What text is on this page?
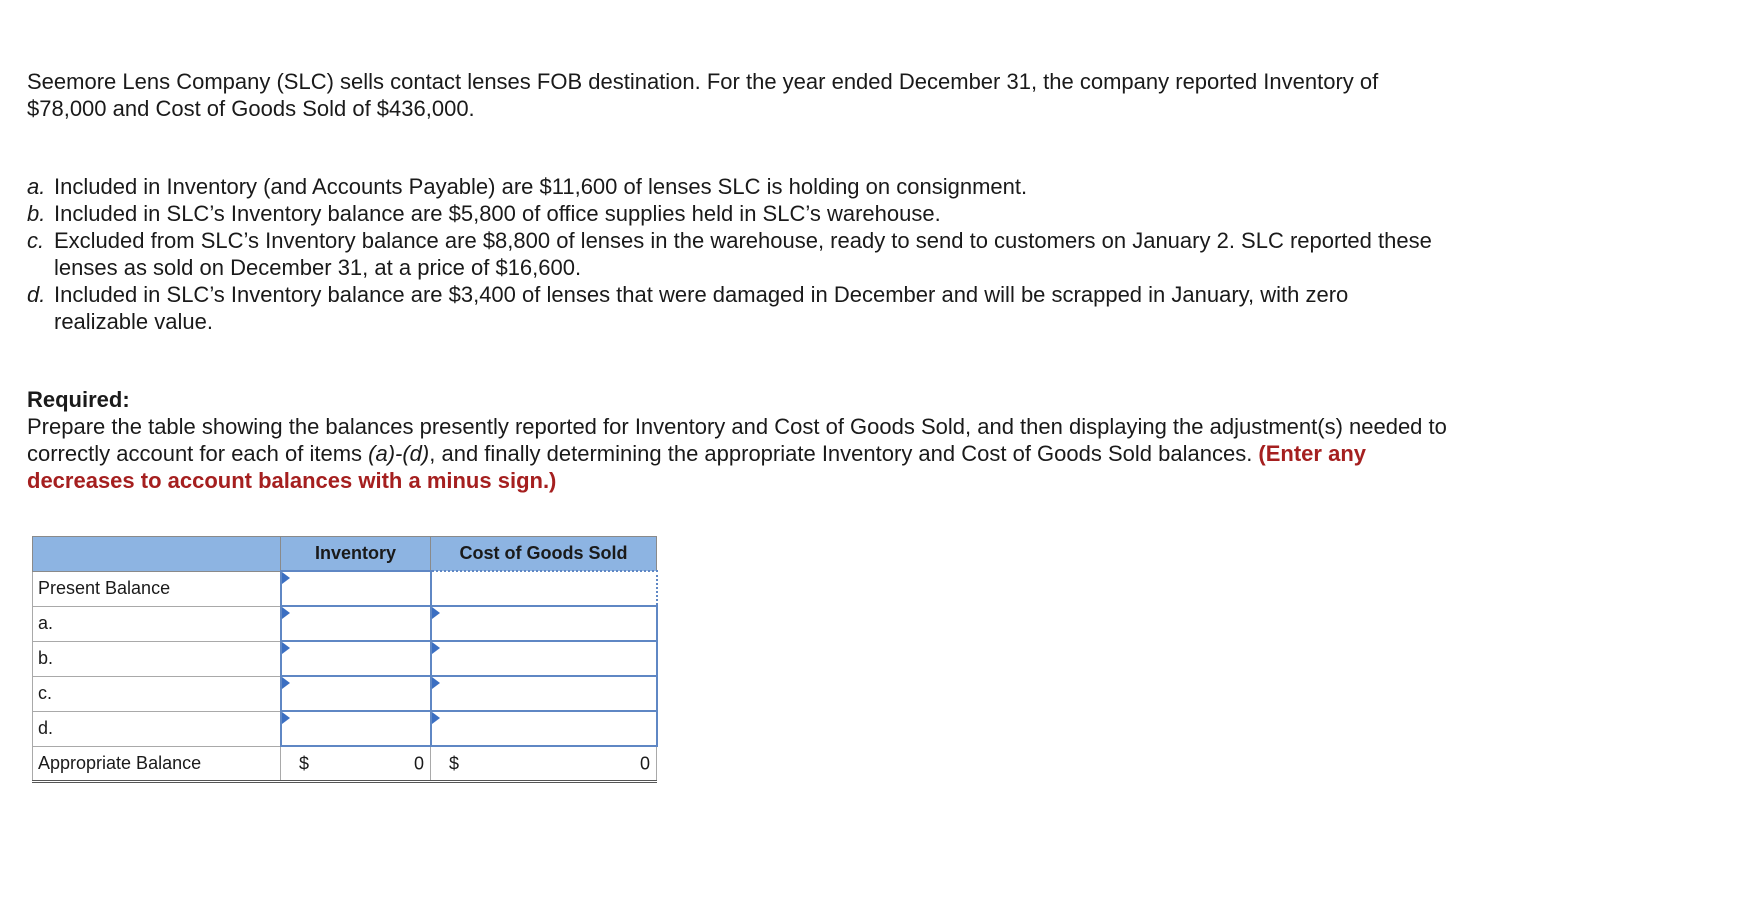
Seemore Lens Company (SLC) sells contact lenses FOB destination. For the year ended December 31, the company reported Inventory of $78,000 and Cost of Goods Sold of $436,000.

a. Included in Inventory (and Accounts Payable) are $11,600 of lenses SLC is holding on consignment.
b. Included in SLC’s Inventory balance are $5,800 of office supplies held in SLC’s warehouse.
c. Excluded from SLC’s Inventory balance are $8,800 of lenses in the warehouse, ready to send to customers on January 2. SLC reported these lenses as sold on December 31, at a price of $16,600.
d. Included in SLC’s Inventory balance are $3,400 of lenses that were damaged in December and will be scrapped in January, with zero realizable value.

Required:
Prepare the table showing the balances presently reported for Inventory and Cost of Goods Sold, and then displaying the adjustment(s) needed to correctly account for each of items (a)-(d), and finally determining the appropriate Inventory and Cost of Goods Sold balances. (Enter any decreases to account balances with a minus sign.)

	Inventory	Cost of Goods Sold
Present Balance	

a.	

b.	

c.	

d.	

Appropriate Balance	$ 0	$ 0
